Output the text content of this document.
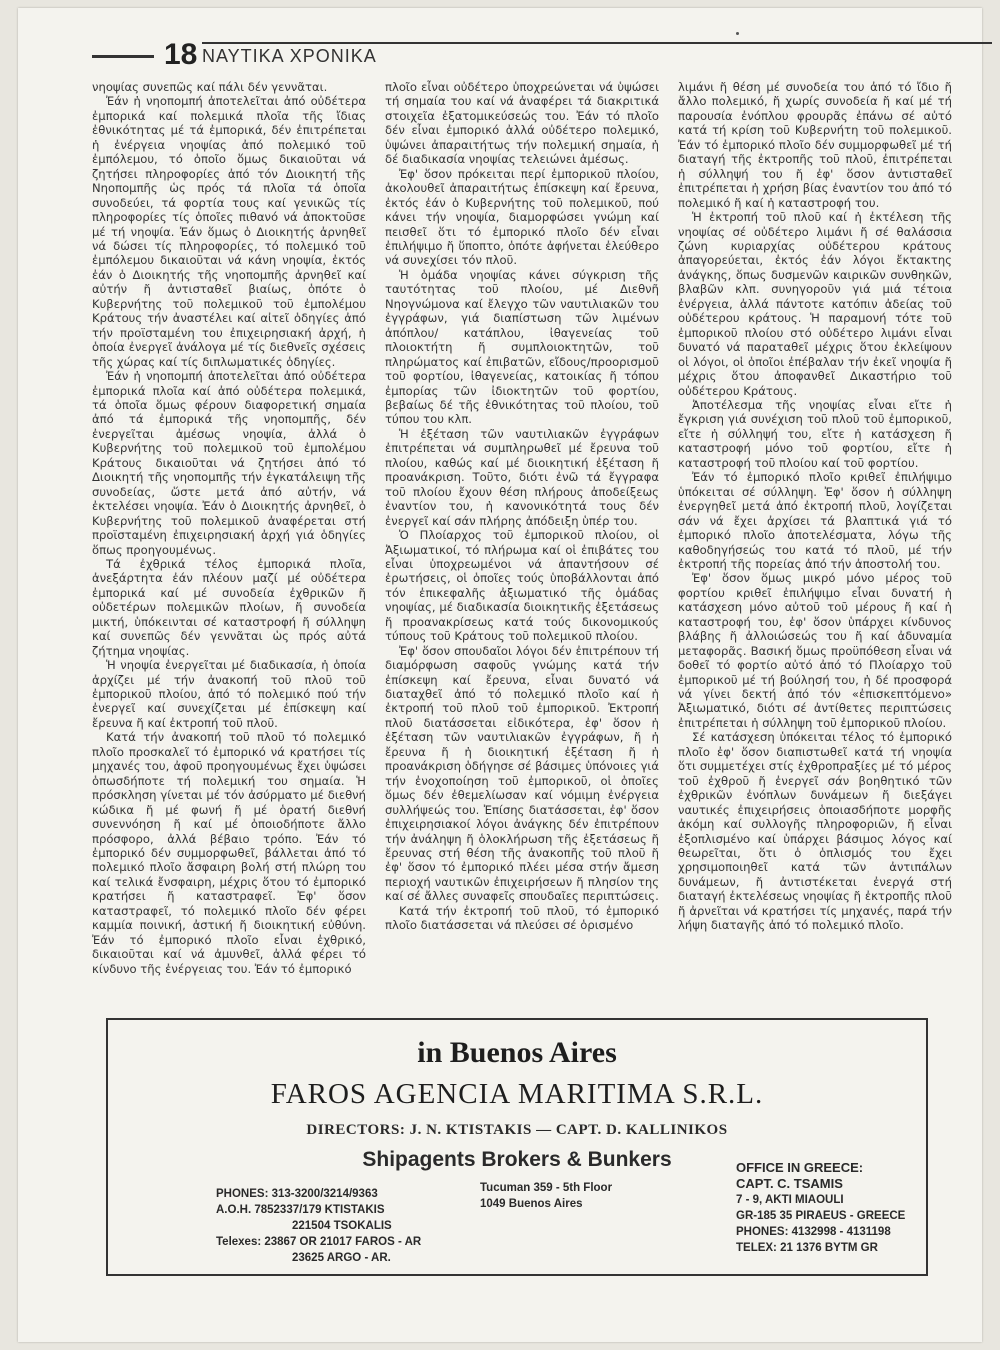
18 ΝΑΥΤΙΚΑ ΧΡΟΝΙΚΑ

νηοψίας συνεπῶς καί πάλι δέν γεννᾶται.

Ἐάν ἡ νηοπομπή ἀποτελεῖται ἀπό οὐδέτερα ἐμπορικά καί πολεμικά πλοῖα τῆς ἴδιας ἐθνικότητας μέ τά ἐμπορικά, δέν ἐπιτρέπεται ἡ ἐνέργεια νηοψίας ἀπό πολεμικό τοῦ ἐμπόλεμου, τό ὁποῖο ὅμως δικαιοῦται νά ζητήσει πληροφορίες ἀπό τόν Διοικητή τῆς Νηοπομπῆς ὡς πρός τά πλοῖα τά ὁποῖα συνοδεύει, τά φορτία τους καί γενικῶς τίς πληροφορίες τίς ὁποῖες πιθανό νά ἀποκτοῦσε μέ τή νηοψία. Ἐάν ὅμως ὁ Διοικητής ἀρνηθεῖ νά δώσει τίς πληροφορίες, τό πολεμικό τοῦ ἐμπόλεμου δικαιοῦται νά κάνη νηοψία, ἐκτός ἐάν ὁ Διοικητής τῆς νηοπομπῆς ἀρνηθεῖ καί αὐτήν ἤ ἀντισταθεῖ βιαίως, ὁπότε ὁ Κυβερνήτης τοῦ πολεμικοῦ τοῦ ἐμπολέμου Κράτους τήν ἀναστέλει καί αἰτεῖ ὁδηγίες ἀπό τήν προϊσταμένη του ἐπιχειρησιακή ἀρχή, ἡ ὁποία ἐνεργεῖ ἀνάλογα μέ τίς διεθνεῖς σχέσεις τῆς χώρας καί τίς διπλωματικές ὁδηγίες.

Ἐάν ἡ νηοπομπή ἀποτελεῖται ἀπό οὐδέτερα ἐμπορικά πλοῖα καί ἀπό οὐδέτερα πολεμικά, τά ὁποῖα ὅμως φέρουν διαφορετική σημαία ἀπό τά ἐμπορικά τῆς νηοπομπῆς, δέν ἐνεργεῖται ἀμέσως νηοψία, ἀλλά ὁ Κυβερνήτης τοῦ πολεμικοῦ τοῦ ἐμπολέμου Κράτους δικαιοῦται νά ζητήσει ἀπό τό Διοικητή τῆς νηοπομπῆς τήν ἐγκατάλειψη τῆς συνοδείας, ὥστε μετά ἀπό αὐτήν, νά ἐκτελέσει νηοψία. Ἐάν ὁ Διοικητής ἀρνηθεῖ, ὁ Κυβερνήτης τοῦ πολεμικοῦ ἀναφέρεται στή προϊσταμένη ἐπιχειρησιακή ἀρχή γιά ὁδηγίες ὅπως προηγουμένως.

Τά ἐχθρικά τέλος ἐμπορικά πλοῖα, ἀνεξάρτητα ἐάν πλέουν μαζί μέ οὐδέτερα ἐμπορικά καί μέ συνοδεία ἐχθρικῶν ἤ οὐδετέρων πολεμικῶν πλοίων, ἤ συνοδεία μικτή, ὑπόκεινται σέ καταστροφή ἤ σύλληψη καί συνεπῶς δέν γεννᾶται ὡς πρός αὐτά ζήτημα νηοψίας.

Ἡ νηοψία ἐνεργεῖται μέ διαδικασία, ἡ ὁποία ἀρχίζει μέ τήν ἀνακοπή τοῦ πλοῦ τοῦ ἐμπορικοῦ πλοίου, ἀπό τό πολεμικό πού τήν ἐνεργεῖ καί συνεχίζεται μέ ἐπίσκεψη καί ἔρευνα ἤ καί ἐκτροπή τοῦ πλοῦ.

Κατά τήν ἀνακοπή τοῦ πλοῦ τό πολεμικό πλοῖο προσκαλεῖ τό ἐμπορικό νά κρατήσει τίς μηχανές του, ἀφοῦ προηγουμένως ἔχει ὑψώσει ὁπωσδήποτε τή πολεμική του σημαία. Ἡ πρόσκληση γίνεται μέ τόν ἀσύρματο μέ διεθνή κώδικα ἤ μέ φωνή ἤ μέ ὁρατή διεθνή συνεννόηση ἤ καί μέ ὁποιοδήποτε ἄλλο πρόσφορο, ἀλλά βέβαιο τρόπο. Ἐάν τό ἐμπορικό δέν συμμορφωθεῖ, βάλλεται ἀπό τό πολεμικό πλοῖο ἄσφαιρη βολή στή πλώρη του καί τελικά ἔνσφαιρη, μέχρις ὅτου τό ἐμπορικό κρατήσει ἤ καταστραφεῖ. Ἐφ' ὅσον καταστραφεῖ, τό πολεμικό πλοῖο δέν φέρει καμμία ποινική, ἀστική ἤ διοικητική εὐθύνη. Ἐάν τό ἐμπορικό πλοῖο εἶναι ἐχθρικό, δικαιοῦται καί νά ἀμυνθεῖ, ἀλλά φέρει τό κίνδυνο τῆς ἐνέργειας του. Ἐάν τό ἐμπορικό

πλοῖο εἶναι οὐδέτερο ὑποχρεώνεται νά ὑψώσει τή σημαία του καί νά ἀναφέρει τά διακριτικά στοιχεῖα ἐξατομικεύσεώς του. Ἐάν τό πλοῖο δέν εἶναι ἐμπορικό ἀλλά οὐδέτερο πολεμικό, ὑψώνει ἀπαραιτήτως τήν πολεμική σημαία, ἡ δέ διαδικασία νηοψίας τελειώνει ἀμέσως.

Ἐφ' ὅσον πρόκειται περί ἐμπορικοῦ πλοίου, ἀκολουθεῖ ἀπαραιτήτως ἐπίσκεψη καί ἔρευνα, ἐκτός ἐάν ὁ Κυβερνήτης τοῦ πολεμικοῦ, πού κάνει τήν νηοψία, διαμορφώσει γνώμη καί πεισθεῖ ὅτι τό ἐμπορικό πλοῖο δέν εἶναι ἐπιλήψιμο ἤ ὕποπτο, ὁπότε ἀφήνεται ἐλεύθερο νά συνεχίσει τόν πλοῦ.

Ἡ ὁμάδα νηοψίας κάνει σύγκριση τῆς ταυτότητας τοῦ πλοίου, μέ Διεθνῆ Νηογνώμονα καί ἔλεγχο τῶν ναυτιλιακῶν του ἐγγράφων, γιά διαπίστωση τῶν λιμένων ἀπόπλου/ κατάπλου, ἰθαγενείας τοῦ πλοιοκτήτη ἤ συμπλοιοκτητῶν, τοῦ πληρώματος καί ἐπιβατῶν, εἴδους/προορισμοῦ τοῦ φορτίου, ἰθαγενείας, κατοικίας ἤ τόπου ἐμπορίας τῶν ἰδιοκτητῶν τοῦ φορτίου, βεβαίως δέ τῆς ἐθνικότητας τοῦ πλοίου, τοῦ τύπου του κλπ.

Ἡ ἐξέταση τῶν ναυτιλιακῶν ἐγγράφων ἐπιτρέπεται νά συμπληρωθεῖ μέ ἔρευνα τοῦ πλοίου, καθώς καί μέ διοικητική ἐξέταση ἤ προανάκριση. Τοῦτο, διότι ἐνῶ τά ἔγγραφα τοῦ πλοίου ἔχουν θέση πλήρους ἀποδείξεως ἐναντίον του, ἡ κανονικότητά τους δέν ἐνεργεῖ καί σάν πλήρης ἀπόδειξη ὑπέρ του.

Ὁ Πλοίαρχος τοῦ ἐμπορικοῦ πλοίου, οἱ Ἀξιωματικοί, τό πλήρωμα καί οἱ ἐπιβάτες του εἶναι ὑποχρεωμένοι νά ἀπαντήσουν σέ ἐρωτήσεις, οἱ ὁποῖες τούς ὑποβάλλονται ἀπό τόν ἐπικεφαλῆς ἀξιωματικό τῆς ὁμάδας νηοψίας, μέ διαδικασία διοικητικῆς ἐξετάσεως ἤ προανακρίσεως κατά τούς δικονομικούς τύπους τοῦ Κράτους τοῦ πολεμικοῦ πλοίου.

Ἐφ' ὅσον σπουδαῖοι λόγοι δέν ἐπιτρέπουν τή διαμόρφωση σαφοῦς γνώμης κατά τήν ἐπίσκεψη καί ἔρευνα, εἶναι δυνατό νά διαταχθεῖ ἀπό τό πολεμικό πλοῖο καί ἡ ἐκτροπή τοῦ πλοῦ τοῦ ἐμπορικοῦ. Ἐκτροπή πλοῦ διατάσσεται εἰδικότερα, ἐφ' ὅσον ἡ ἐξέταση τῶν ναυτιλιακῶν ἐγγράφων, ἤ ἡ ἔρευνα ἤ ἡ διοικητική ἐξέταση ἤ ἡ προανάκριση ὁδήγησε σέ βάσιμες ὑπόνοιες γιά τήν ἐνοχοποίηση τοῦ ἐμπορικοῦ, οἱ ὁποῖες ὅμως δέν ἐθεμελίωσαν καί νόμιμη ἐνέργεια συλλήψεώς του. Ἐπίσης διατάσσεται, ἐφ' ὅσον ἐπιχειρησιακοί λόγοι ἀνάγκης δέν ἐπιτρέπουν τήν ἀνάληψη ἤ ὁλοκλήρωση τῆς ἐξετάσεως ἤ ἔρευνας στή θέση τῆς ἀνακοπῆς τοῦ πλοῦ ἤ ἐφ' ὅσον τό ἐμπορικό πλέει μέσα στήν ἄμεση περιοχή ναυτικῶν ἐπιχειρήσεων ἤ πλησίον της καί σέ ἄλλες συναφεῖς σπουδαῖες περιπτώσεις.

Κατά τήν ἐκτροπή τοῦ πλοῦ, τό ἐμπορικό πλοῖο διατάσσεται νά πλεύσει σέ ὁρισμένο

λιμάνι ἤ θέση μέ συνοδεία του ἀπό τό ἴδιο ἤ ἄλλο πολεμικό, ἤ χωρίς συνοδεία ἤ καί μέ τή παρουσία ἐνόπλου φρουρᾶς ἐπάνω σέ αὐτό κατά τή κρίση τοῦ Κυβερνήτη τοῦ πολεμικοῦ. Ἐάν τό ἐμπορικό πλοῖο δέν συμμορφωθεῖ μέ τή διαταγή τῆς ἐκτροπῆς τοῦ πλοῦ, ἐπιτρέπεται ἡ σύλληψή του ἤ ἐφ' ὅσον ἀντισταθεῖ ἐπιτρέπεται ἡ χρήση βίας ἐναντίον του ἀπό τό πολεμικό ἤ καί ἡ καταστροφή του.

Ἡ ἐκτροπή τοῦ πλοῦ καί ἡ ἐκτέλεση τῆς νηοψίας σέ οὐδέτερο λιμάνι ἤ σέ θαλάσσια ζώνη κυριαρχίας οὐδέτερου κράτους ἀπαγορεύεται, ἐκτός ἐάν λόγοι ἔκτακτης ἀνάγκης, ὅπως δυσμενῶν καιρικῶν συνθηκῶν, βλαβῶν κλπ. συνηγοροῦν γιά μιά τέτοια ἐνέργεια, ἀλλά πάντοτε κατόπιν ἀδείας τοῦ οὐδέτερου κράτους. Ἡ παραμονή τότε τοῦ ἐμπορικοῦ πλοίου στό οὐδέτερο λιμάνι εἶναι δυνατό νά παραταθεῖ μέχρις ὅτου ἐκλείψουν οἱ λόγοι, οἱ ὁποῖοι ἐπέβαλαν τήν ἐκεῖ νηοψία ἤ μέχρις ὅτου ἀποφανθεῖ Δικαστήριο τοῦ οὐδέτερου Κράτους.

Ἀποτέλεσμα τῆς νηοψίας εἶναι εἴτε ἡ ἔγκριση γιά συνέχιση τοῦ πλοῦ τοῦ ἐμπορικοῦ, εἴτε ἡ σύλληψή του, εἴτε ἡ κατάσχεση ἤ καταστροφή μόνο τοῦ φορτίου, εἴτε ἡ καταστροφή τοῦ πλοίου καί τοῦ φορτίου.

Ἐάν τό ἐμπορικό πλοῖο κριθεῖ ἐπιλήψιμο ὑπόκειται σέ σύλληψη. Ἐφ' ὅσον ἡ σύλληψη ἐνεργηθεῖ μετά ἀπό ἐκτροπή πλοῦ, λογίζεται σάν νά ἔχει ἀρχίσει τά βλαπτικά γιά τό ἐμπορικό πλοῖο ἀποτελέσματα, λόγω τῆς καθοδηγήσεώς του κατά τό πλοῦ, μέ τήν ἐκτροπή τῆς πορείας ἀπό τήν ἀποστολή του.

Ἐφ' ὅσον ὅμως μικρό μόνο μέρος τοῦ φορτίου κριθεῖ ἐπιλήψιμο εἶναι δυνατή ἡ κατάσχεση μόνο αὐτοῦ τοῦ μέρους ἤ καί ἡ καταστροφή του, ἐφ' ὅσον ὑπάρχει κίνδυνος βλάβης ἤ ἀλλοιώσεώς του ἤ καί ἀδυναμία μεταφορᾶς. Βασική ὅμως προϋπόθεση εἶναι νά δοθεῖ τό φορτίο αὐτό ἀπό τό Πλοίαρχο τοῦ ἐμπορικοῦ μέ τή βούλησή του, ἡ δέ προσφορά νά γίνει δεκτή ἀπό τόν «ἐπισκεπτόμενο» Ἀξιωματικό, διότι σέ ἀντίθετες περιπτώσεις ἐπιτρέπεται ἡ σύλληψη τοῦ ἐμπορικοῦ πλοίου.

Σέ κατάσχεση ὑπόκειται τέλος τό ἐμπορικό πλοῖο ἐφ' ὅσον διαπιστωθεῖ κατά τή νηοψία ὅτι συμμετέχει στίς ἐχθροπραξίες μέ τό μέρος τοῦ ἐχθροῦ ἤ ἐνεργεῖ σάν βοηθητικό τῶν ἐχθρικῶν ἐνόπλων δυνάμεων ἤ διεξάγει ναυτικές ἐπιχειρήσεις ὁποιασδήποτε μορφῆς ἀκόμη καί συλλογῆς πληροφοριῶν, ἤ εἶναι ἐξοπλισμένο καί ὑπάρχει βάσιμος λόγος καί θεωρεῖται, ὅτι ὁ ὁπλισμός του ἔχει χρησιμοποιηθεῖ κατά τῶν ἀντιπάλων δυνάμεων, ἤ ἀντιστέκεται ἐνεργά στή διαταγή ἐκτελέσεως νηοψίας ἤ ἐκτροπῆς πλοῦ ἤ ἀρνεῖται νά κρατήσει τίς μηχανές, παρά τήν λήψη διαταγῆς ἀπό τό πολεμικό πλοῖο.

in Buenos Aires
FAROS AGENCIA MARITIMA S.R.L.
DIRECTORS: J. N. KTISTAKIS — CAPT. D. KALLINIKOS
Shipagents Brokers & Bunkers
PHONES: 313-3200/3214/9363
A.O.H. 7852337/179 KTISTAKIS
221504 TSOKALIS
Telexes: 23867 OR 21017 FAROS - AR
23625 ARGO - AR.
Tucuman 359 - 5th Floor
1049 Buenos Aires
OFFICE IN GREECE:
CAPT. C. TSAMIS
7 - 9, AKTI MIAOULI
GR-185 35 PIRAEUS - GREECE
PHONES: 4132998 - 4131198
TELEX: 21 1376 BYTM GR
